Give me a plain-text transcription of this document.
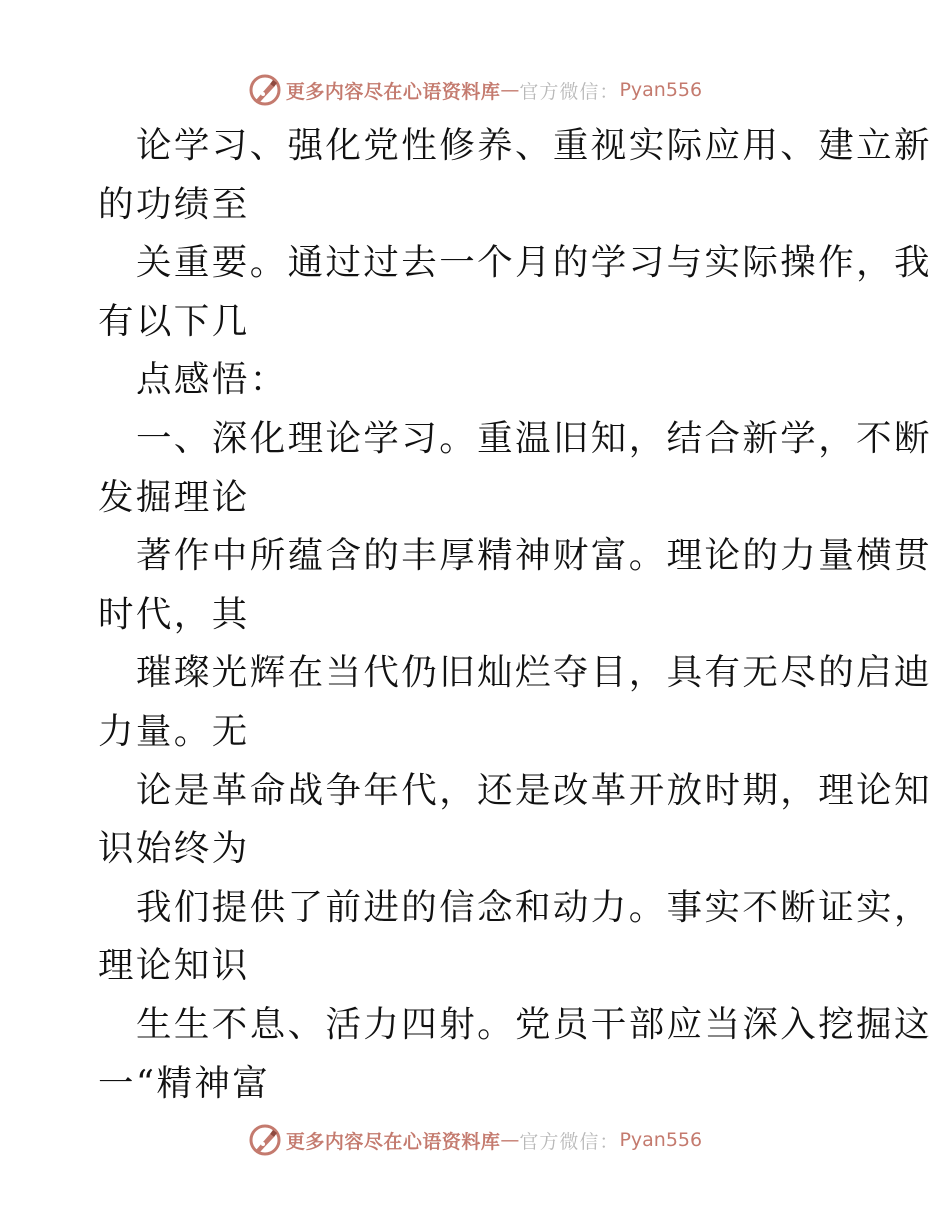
更多内容尽在心语资料库 — 官方微信： Pyan556
论学习、强化党性修养、重视实际应用、建立新
的功绩至
关重要。通过过去一个月的学习与实际操作，我
有以下几
点感悟：
一、深化理论学习。重温旧知，结合新学，不断
发掘理论
著作中所蕴含的丰厚精神财富。理论的力量横贯
时代，其
璀璨光辉在当代仍旧灿烂夺目，具有无尽的启迪
力量。无
论是革命战争年代，还是改革开放时期，理论知
识始终为
我们提供了前进的信念和动力。事实不断证实，
理论知识
生生不息、活力四射。党员干部应当深入挖掘这
一“精神富
更多内容尽在心语资料库 — 官方微信： Pyan556
